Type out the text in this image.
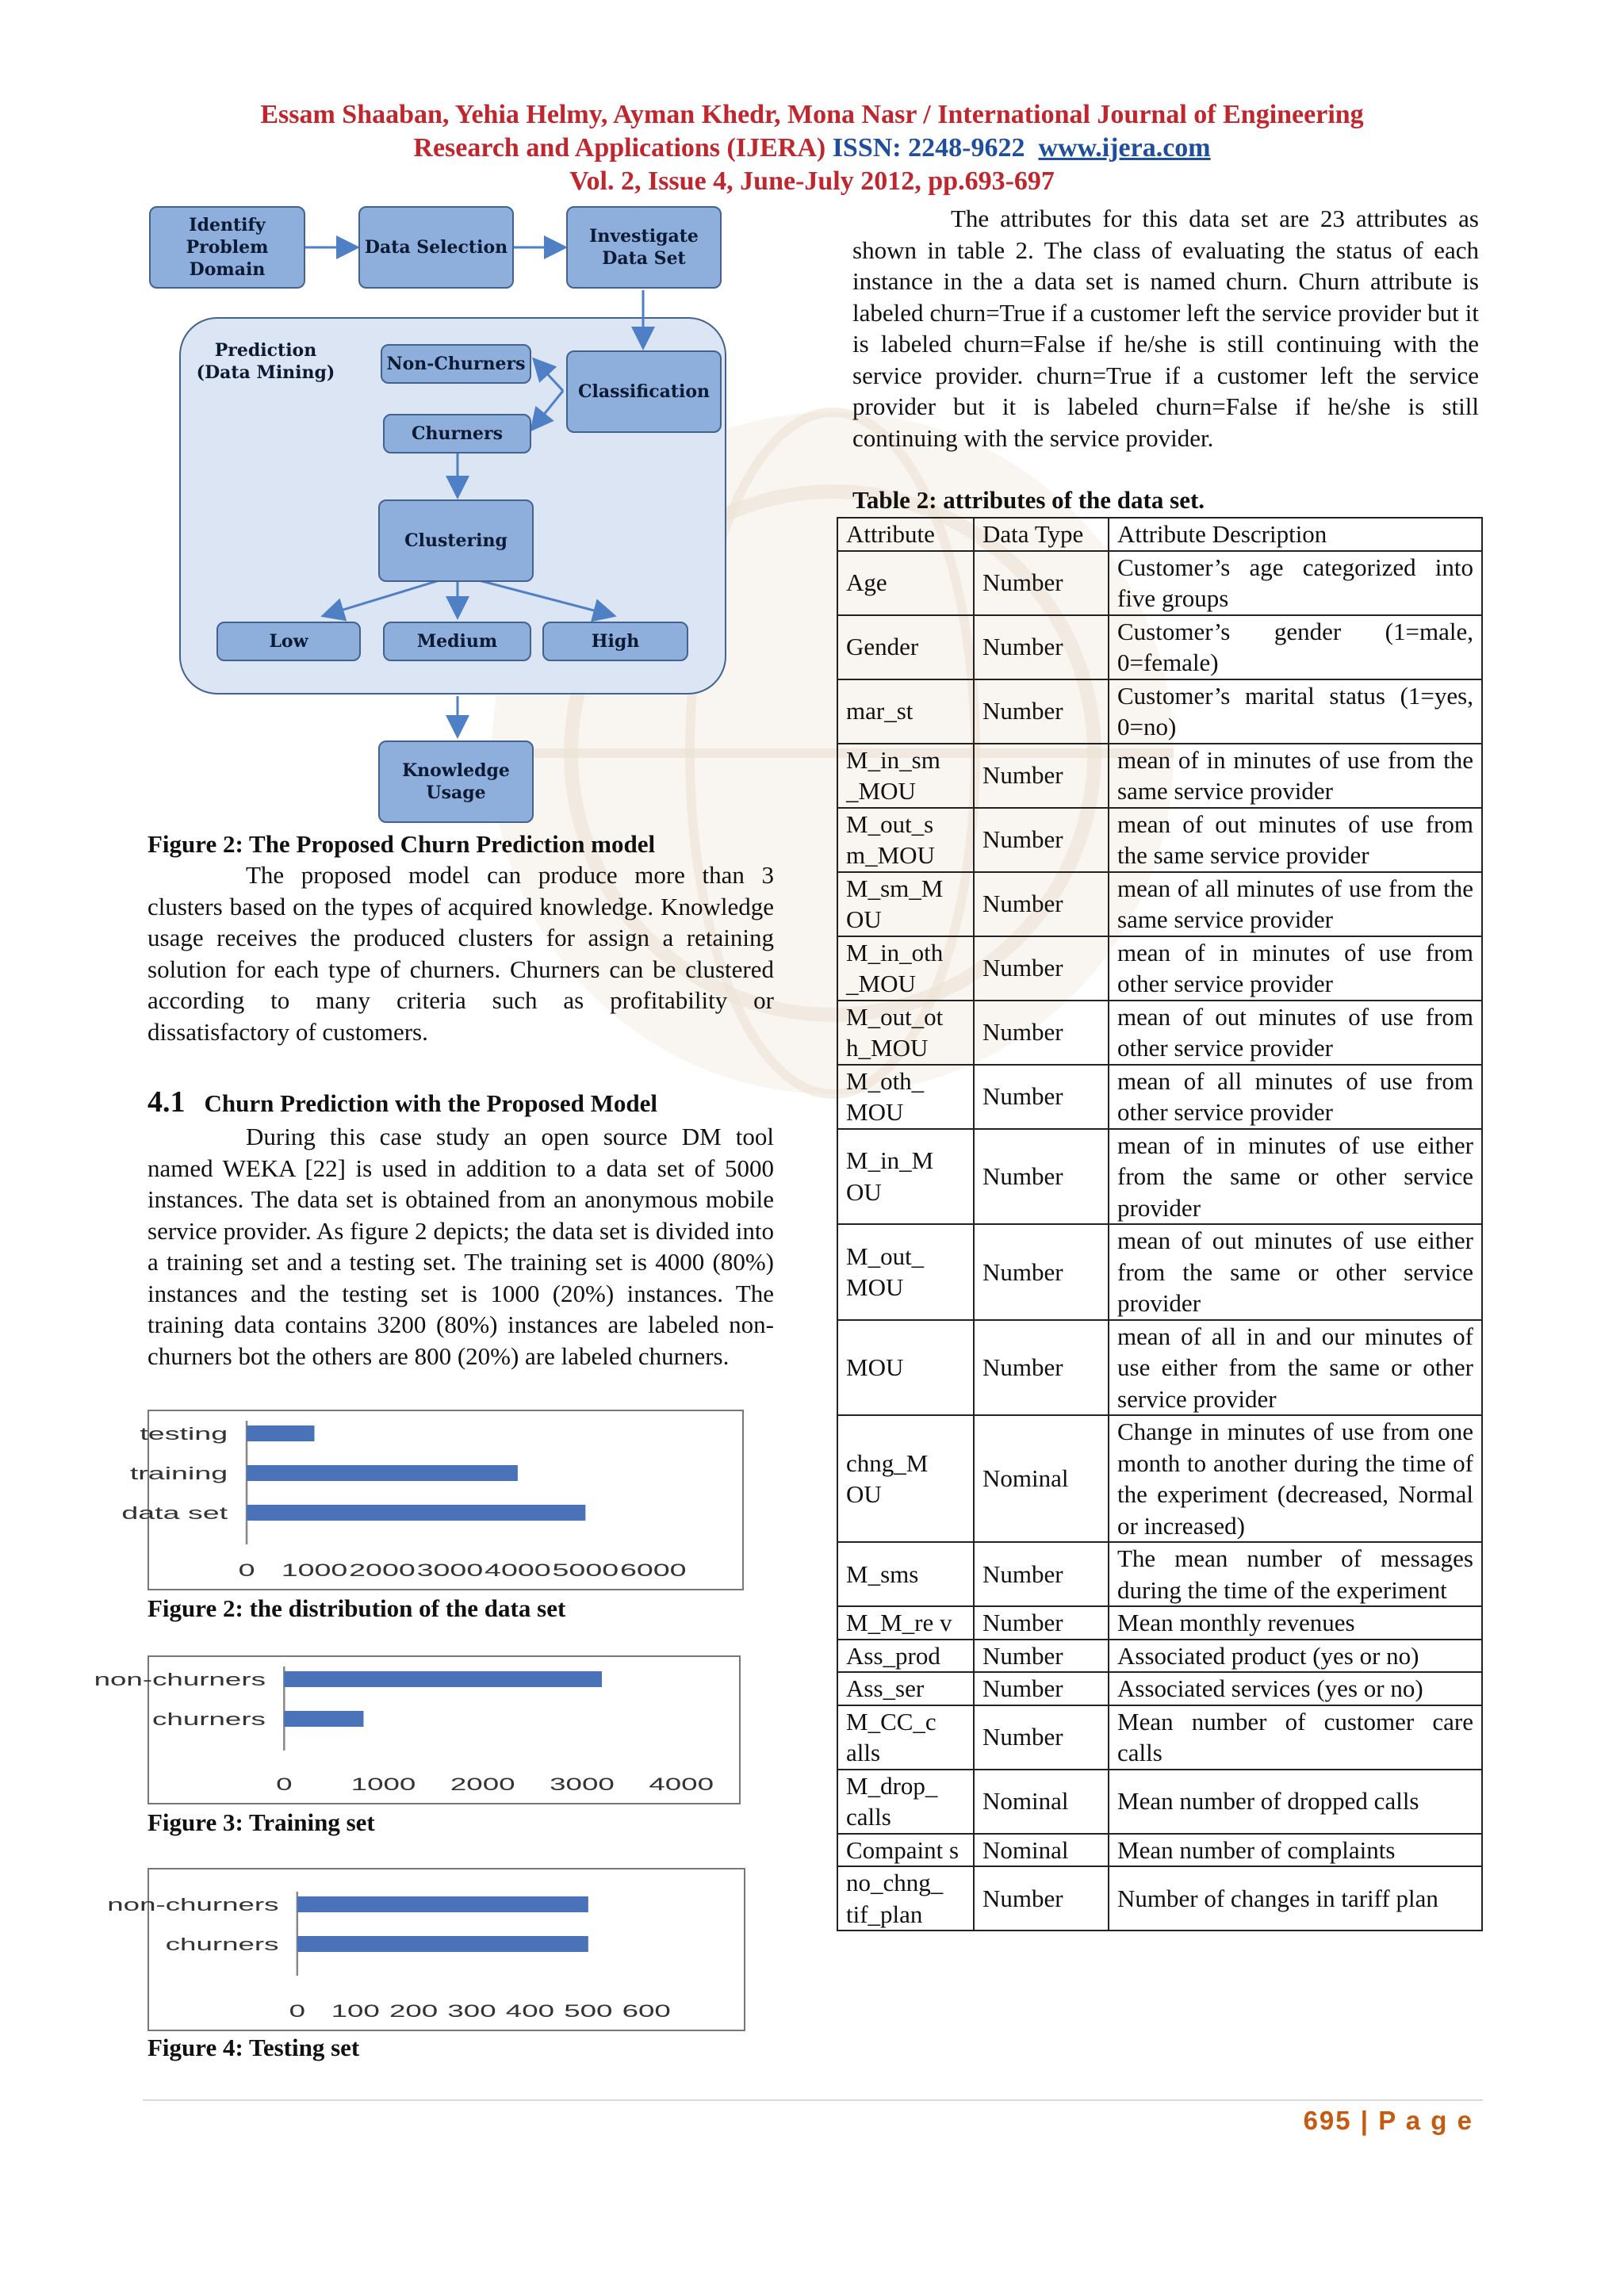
Essam Shaaban, Yehia Helmy, Ayman Khedr, Mona Nasr / International Journal of Engineering
Research and Applications (IJERA) ISSN: 2248-9622 www.ijera.com
Vol. 2, Issue 4, June-July 2012, pp.693-697
Identify Problem Domain
Data Selection
Investigate Data Set
Prediction (Data Mining)	Non-Churners
Classification
Churners
Clustering
Low	Medium	High
Knowledge Usage
Figure 2: The Proposed Churn Prediction model
The proposed model can produce more than 3 clusters based on the types of acquired knowledge. Knowledge usage receives the produced clusters for assign a retaining solution for each type of churners. Churners can be clustered according to many criteria such as profitability or dissatisfactory of customers.
4.1 Churn Prediction with the Proposed Model
During this case study an open source DM tool named WEKA [22] is used in addition to a data set of 5000 instances. The data set is obtained from an anonymous mobile service provider. As figure 2 depicts; the data set is divided into a training set and a testing set. The training set is 4000 (80%) instances and the testing set is 1000 (20%) instances. The training data contains 3200 (80%) instances are labeled non-churners bot the others are 800 (20%) are labeled churners.
testing
training
data set
0 1000 2000 3000 4000 5000 6000
Figure 2: the distribution of the data set
non-churners
churners
0	1000 2000 3000 4000
Figure 3: Training set
non-churners
churners
0 100 200 300 400 500 600
Figure 4: Testing set
The attributes for this data set are 23 attributes as shown in table 2. The class of evaluating the status of each instance in the a data set is named churn. Churn attribute is labeled churn=True if a customer left the service provider but it is labeled churn=False if he/she is still continuing with the service provider. churn=True if a customer left the service provider but it is labeled churn=False if he/she is still continuing with the service provider.
Table 2: attributes of the data set.
Attribute	Data Type	Attribute Description
Age	Number	Customer’s age categorized into five groups
Gender	Number	Customer’s gender (1=male, 0=female)
mar_st	Number	Customer’s marital status (1=yes, 0=no)
M_in_sm _MOU	Number	mean of in minutes of use from the same service provider
M_out_s m_MOU	Number	mean of out minutes of use from the same service provider
M_sm_M OU	Number	mean of all minutes of use from the same service provider
M_in_oth _MOU	Number	mean of in minutes of use from other service provider
M_out_ot h_MOU	Number	mean of out minutes of use from other service provider
M_oth_ MOU	Number	mean of all minutes of use from other service provider
M_in_M OU	Number	mean of in minutes of use either from the same or other service provider
M_out_ MOU	Number	mean of out minutes of use either from the same or other service provider
MOU	Number	mean of all in and our minutes of use either from the same or other service provider
chng_M OU	Nominal	Change in minutes of use from one month to another during the time of the experiment (decreased, Normal or increased)
M_sms	Number	The mean number of messages during the time of the experiment
M_M_re v	Number	Mean monthly revenues
Ass_prod	Number	Associated product (yes or no)
Ass_ser	Number	Associated services (yes or no)
M_CC_c alls	Number	Mean number of customer care calls
M_drop_ calls	Nominal	Mean number of dropped calls
Compaint s	Nominal	Mean number of complaints
no_chng_ tif_plan	Number	Number of changes in tariff plan
695 | P a g e
